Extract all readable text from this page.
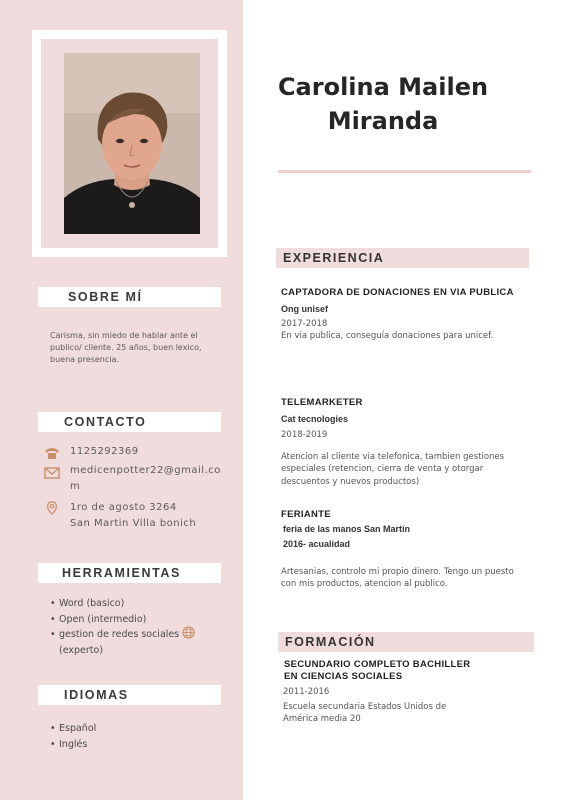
SOBRE MÍ
Carisma, sin miedo de hablar ante el
publico/ cliente. 25 años, buen lexico,
buena presencia.
CONTACTO
1125292369
medicenpotter22@gmail.co
m
1ro de agosto 3264
San Martin Villa bonich
HERRAMIENTAS
• Word (basico)
• Open (intermedio)
• gestion de redes sociales
(experto)
IDIOMAS
• Español
• Inglés
Carolina Mailen
Miranda
EXPERIENCIA
CAPTADORA DE DONACIONES EN VIA PUBLICA
Ong unisef
2017-2018
En via publica, conseguía donaciones para unicef.
TELEMARKETER
Cat tecnologies
2018-2019
Atencion al cliente via telefonica, tambien gestiones
especiales (retencion, cierra de venta y otorgar
descuentos y nuevos productos)
FERIANTE
feria de las manos San Martín
2016- acualidad
Artesanias, controlo mi propio dinero. Tengo un puesto
con mis productos, atencion al publico.
FORMACIÓN
SECUNDARIO COMPLETO BACHILLER
EN CIENCIAS SOCIALES
2011-2016
Escuela secundaria Estados Unidos de
América media 20
